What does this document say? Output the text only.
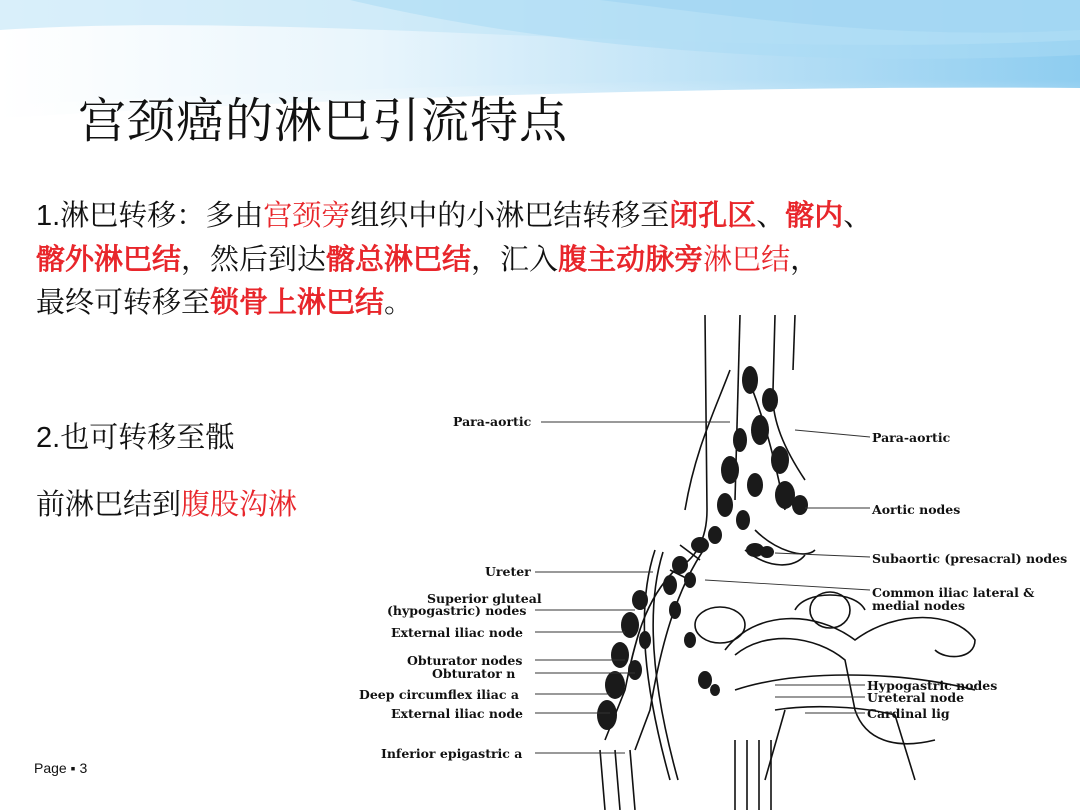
宫颈癌的淋巴引流特点
1.淋巴转移：多由宫颈旁组织中的小淋巴结转移至闭孔区、髂内、
髂外淋巴结，然后到达髂总淋巴结，汇入腹主动脉旁淋巴结，
最终可转移至锁骨上淋巴结。
2.也可转移至骶
前淋巴结到腹股沟淋
Para-aortic
Ureter
Superior gluteal
(hypogastric) nodes
External iliac node
Obturator nodes
Obturator n
Deep circumflex iliac a
External iliac node
Inferior epigastric a
Para-aortic
Aortic nodes
Subaortic (presacral) nodes
Common iliac lateral &
medial nodes
Hypogastric nodes
Ureteral node
Cardinal lig
Page ▪ 3
